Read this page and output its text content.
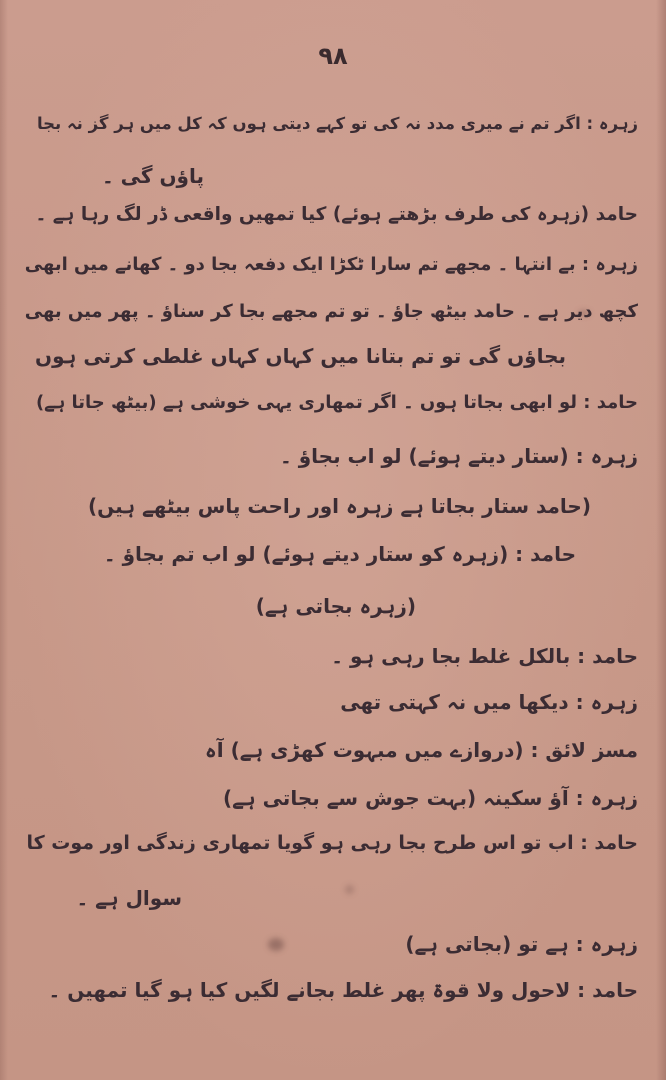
۹۸
زہرہ : اگر تم نے میری مدد نہ کی تو کہے دیتی ہوں کہ کل میں ہر گز نہ بجا
پاؤں گی ۔
حامد (زہرہ کی طرف بڑھتے ہوئے) کیا تمھیں واقعی ڈر لگ رہا ہے ۔
زہرہ : بے انتہا ۔ مجھے تم سارا ٹکڑا ایک دفعہ بجا دو ۔ کھانے میں ابھی
کچھ دیر ہے ۔ حامد بیٹھ جاؤ ۔ تو تم مجھے بجا کر سناؤ ۔ پھر میں بھی
بجاؤں گی تو تم بتانا میں کہاں کہاں غلطی کرتی ہوں
حامد : لو ابھی بجاتا ہوں ۔ اگر تمھاری یہی خوشی ہے (بیٹھ جاتا ہے)
زہرہ : (ستار دیتے ہوئے) لو اب بجاؤ ۔
(حامد ستار بجاتا ہے زہرہ اور راحت پاس بیٹھے ہیں)
حامد : (زہرہ کو ستار دیتے ہوئے) لو اب تم بجاؤ ۔
(زہرہ بجاتی ہے)
حامد : بالکل غلط بجا رہی ہو ۔
زہرہ : دیکھا میں نہ کہتی تھی
مسز لائق : (دروازے میں مبہوت کھڑی ہے) آہ
زہرہ : آؤ سکینہ (بہت جوش سے بجاتی ہے)
حامد : اب تو اس طرح بجا رہی ہو گویا تمھاری زندگی اور موت کا
سوال ہے ۔
زہرہ : ہے تو (بجاتی ہے)
حامد : لاحول ولا قوۃ پھر غلط بجانے لگیں کیا ہو گیا تمھیں ۔
